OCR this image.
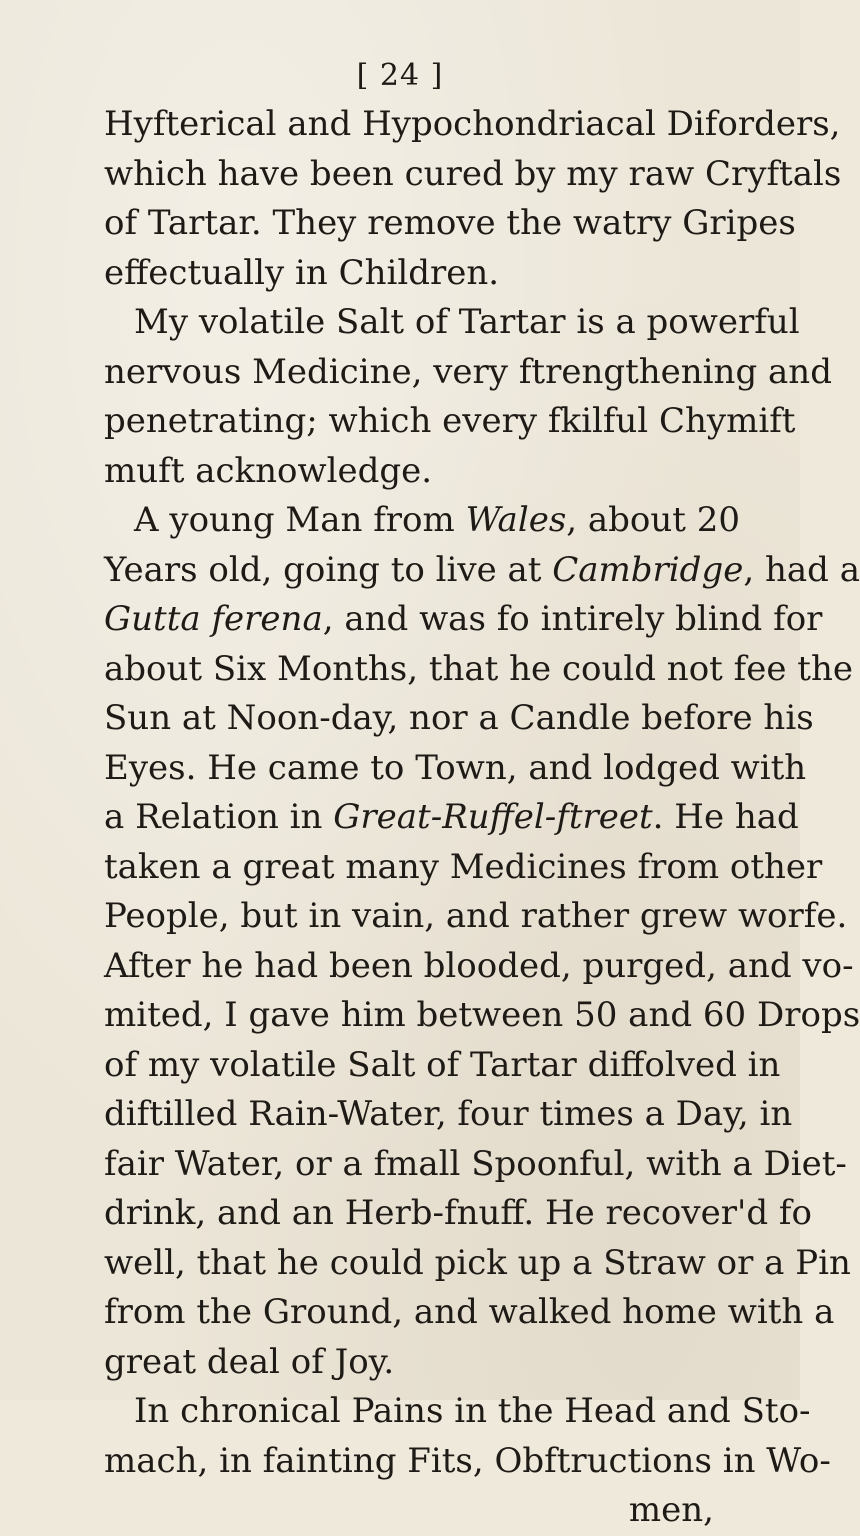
[ 24 ]
Hyfterical and Hypochondriacal Diforders,
which have been cured by my raw Cryftals
of Tartar. They remove the watry Gripes
effectually in Children.
My volatile Salt of Tartar is a powerful
nervous Medicine, very ftrengthening and
penetrating; which every fkilful Chymift
muft acknowledge.
A young Man from Wales, about 20
Years old, going to live at Cambridge, had a
Gutta ferena, and was fo intirely blind for
about Six Months, that he could not fee the
Sun at Noon-day, nor a Candle before his
Eyes. He came to Town, and lodged with
a Relation in Great-Ruffel-ftreet. He had
taken a great many Medicines from other
People, but in vain, and rather grew worfe.
After he had been blooded, purged, and vo-
mited, I gave him between 50 and 60 Drops
of my volatile Salt of Tartar diffolved in
diftilled Rain-Water, four times a Day, in
fair Water, or a fmall Spoonful, with a Diet-
drink, and an Herb-fnuff. He recover'd fo
well, that he could pick up a Straw or a Pin
from the Ground, and walked home with a
great deal of Joy.
In chronical Pains in the Head and Sto-
mach, in fainting Fits, Obftructions in Wo-
men,
